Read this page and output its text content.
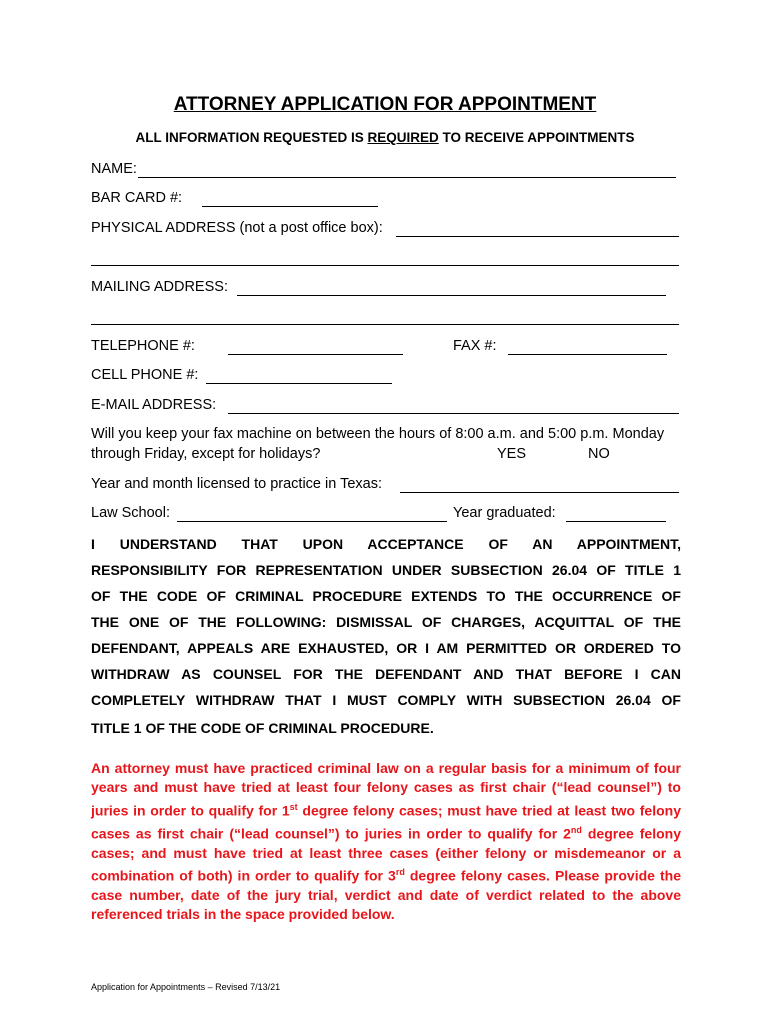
ATTORNEY APPLICATION FOR APPOINTMENT
ALL INFORMATION REQUESTED IS REQUIRED TO RECEIVE APPOINTMENTS
NAME:
BAR CARD #:
PHYSICAL ADDRESS (not a post office box):
MAILING ADDRESS:
TELEPHONE #:	FAX #:
CELL PHONE #:
E-MAIL ADDRESS:
Will you keep your fax machine on between the hours of 8:00 a.m. and 5:00 p.m. Monday
through Friday, except for holidays?	YES	NO
Year and month licensed to practice in Texas:
Law School:	Year graduated:
I UNDERSTAND THAT UPON ACCEPTANCE OF AN APPOINTMENT,
RESPONSIBILITY FOR REPRESENTATION UNDER SUBSECTION 26.04 OF TITLE 1
OF THE CODE OF CRIMINAL PROCEDURE EXTENDS TO THE OCCURRENCE OF
THE ONE OF THE FOLLOWING: DISMISSAL OF CHARGES, ACQUITTAL OF THE
DEFENDANT, APPEALS ARE EXHAUSTED, OR I AM PERMITTED OR ORDERED TO
WITHDRAW AS COUNSEL FOR THE DEFENDANT AND THAT BEFORE I CAN
COMPLETELY WITHDRAW THAT I MUST COMPLY WITH SUBSECTION 26.04 OF
TITLE 1 OF THE CODE OF CRIMINAL PROCEDURE.
An attorney must have practiced criminal law on a regular basis for a minimum of four years and must have tried at least four felony cases as first chair (“lead counsel”) to juries in order to qualify for 1st degree felony cases; must have tried at least two felony cases as first chair (“lead counsel”) to juries in order to qualify for 2nd degree felony cases; and must have tried at least three cases (either felony or misdemeanor or a combination of both) in order to qualify for 3rd degree felony cases. Please provide the case number, date of the jury trial, verdict and date of verdict related to the above referenced trials in the space provided below.
Application for Appointments – Revised 7/13/21
